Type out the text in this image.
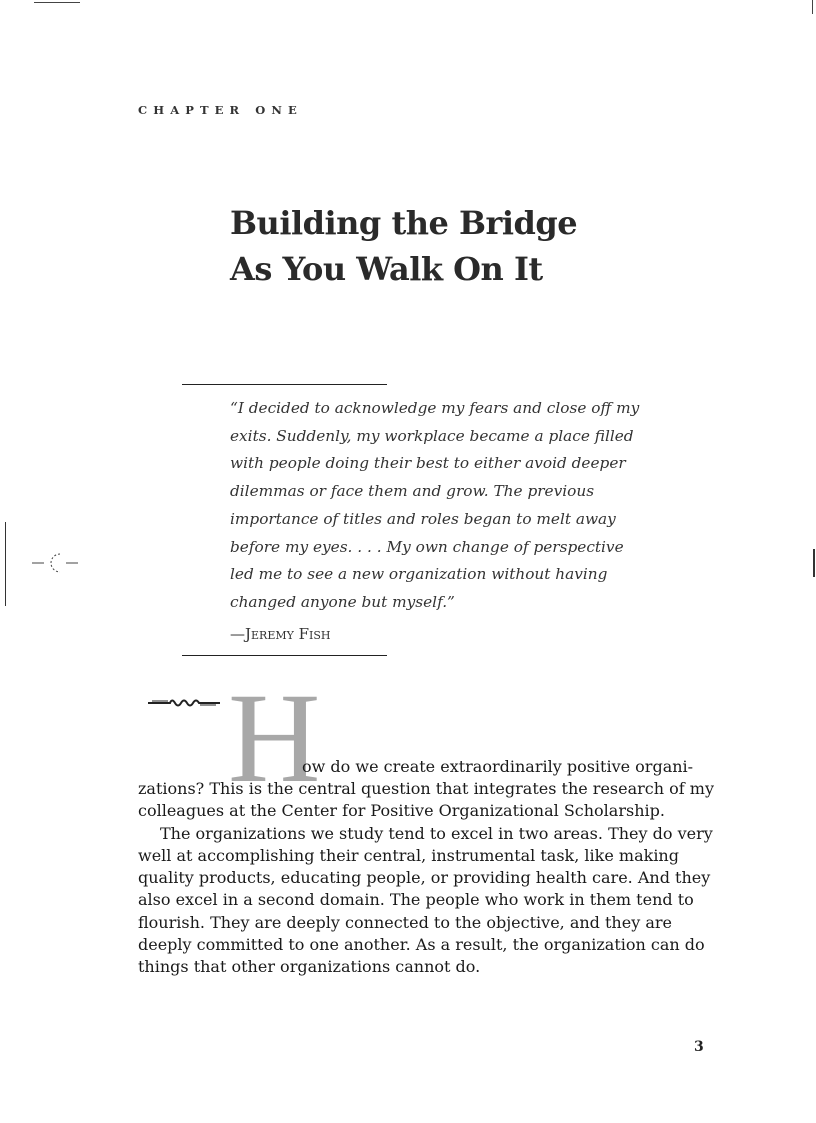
CHAPTER ONE
Building the Bridge
As You Walk On It
“I decided to acknowledge my fears and close off my
exits. Suddenly, my workplace became a place filled
with people doing their best to either avoid deeper
dilemmas or face them and grow. The previous
importance of titles and roles began to melt away
before my eyes. . . . My own change of perspective
led me to see a new organization without having
changed anyone but myself.”
—Jeremy Fish
H
ow do we create extraordinarily positive organi-
zations? This is the central question that integrates the research of my
colleagues at the Center for Positive Organizational Scholarship.
The organizations we study tend to excel in two areas. They do very
well at accomplishing their central, instrumental task, like making
quality products, educating people, or providing health care. And they
also excel in a second domain. The people who work in them tend to
flourish. They are deeply connected to the objective, and they are
deeply committed to one another. As a result, the organization can do
things that other organizations cannot do.
3
